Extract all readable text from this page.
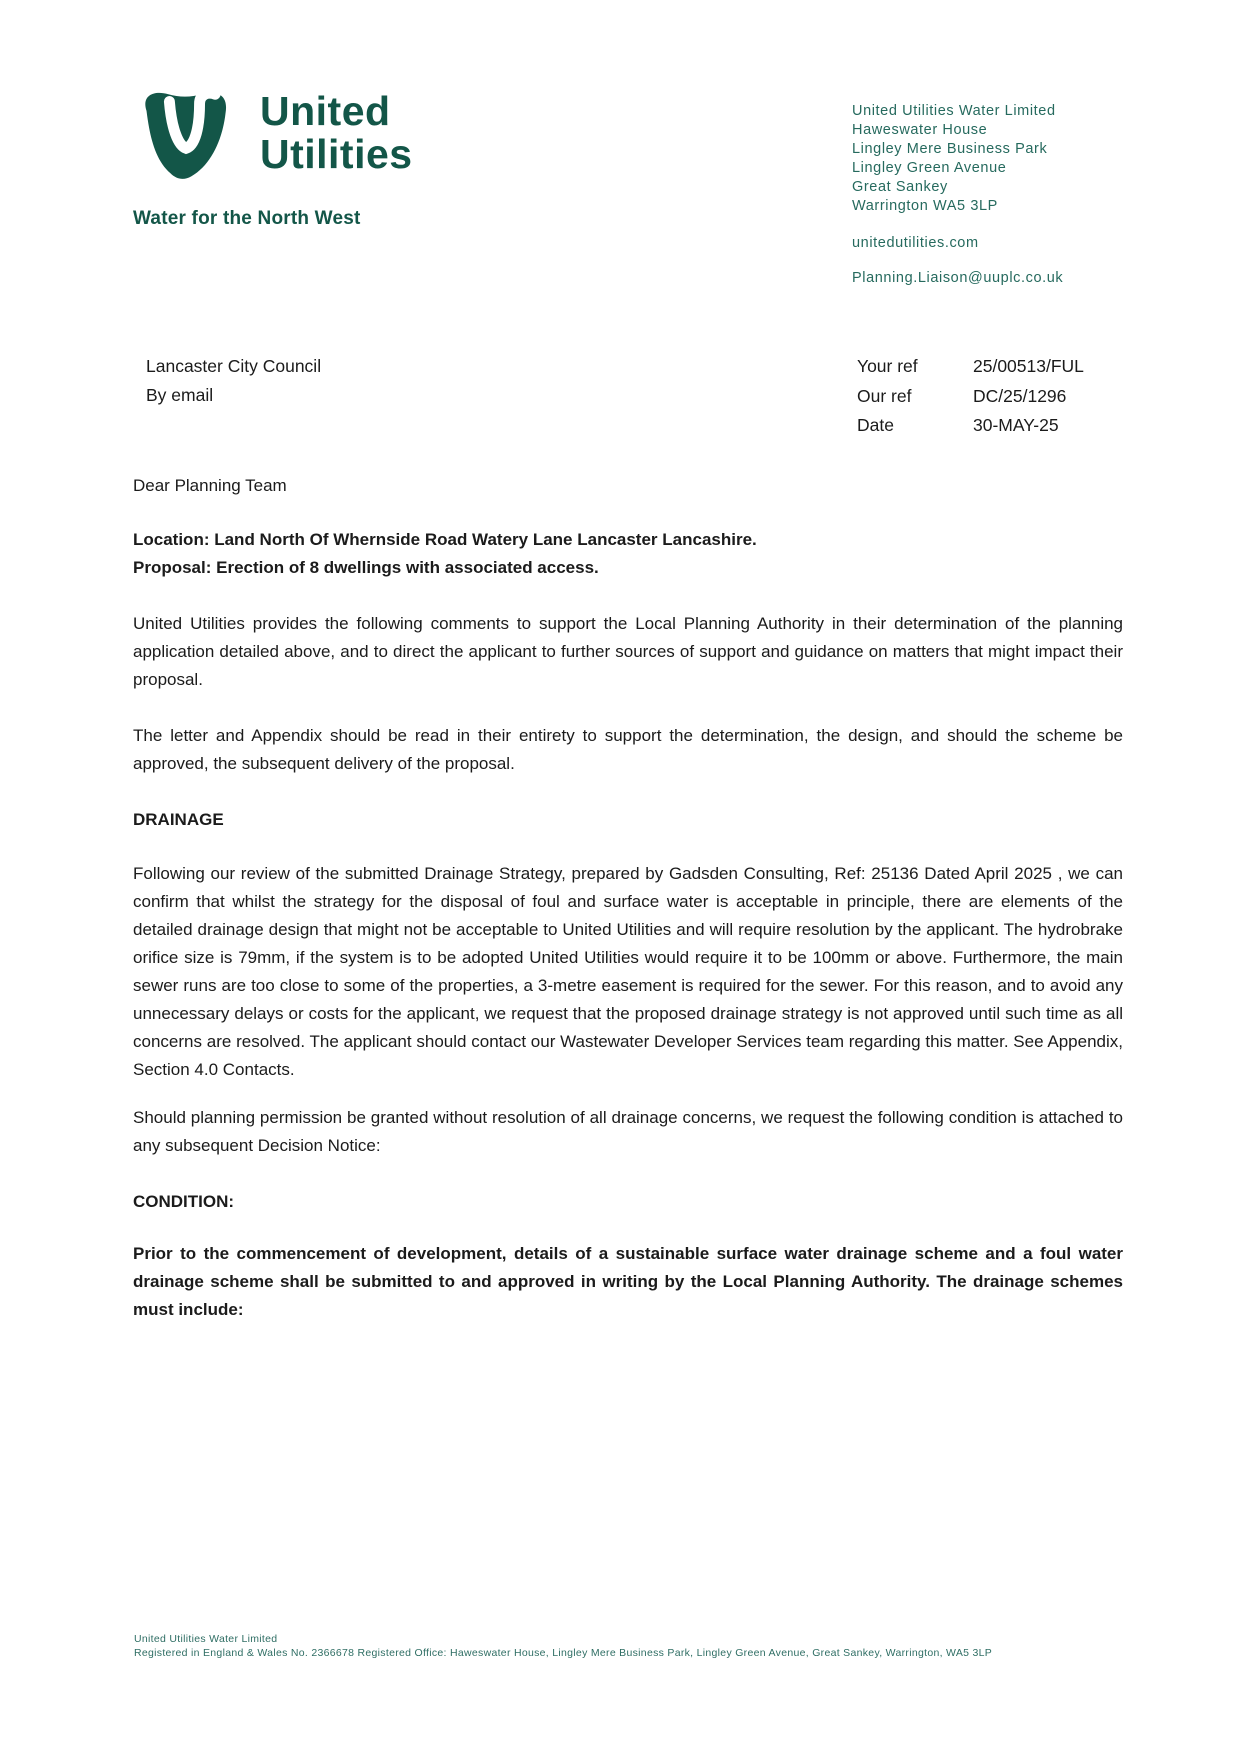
United
Utilities
Water for the North West
United Utilities Water Limited
Haweswater House
Lingley Mere Business Park
Lingley Green Avenue
Great Sankey
Warrington WA5 3LP
unitedutilities.com
Planning.Liaison@uuplc.co.uk
Lancaster City Council
By email
Your ref	25/00513/FUL
Our ref	DC/25/1296
Date	30-MAY-25
Dear Planning Team
Location: Land North Of Whernside Road Watery Lane Lancaster Lancashire.
Proposal: Erection of 8 dwellings with associated access.

United Utilities provides the following comments to support the Local Planning Authority in their determination of the planning application detailed above, and to direct the applicant to further sources of support and guidance on matters that might impact their proposal.

The letter and Appendix should be read in their entirety to support the determination, the design, and should the scheme be approved, the subsequent delivery of the proposal.

DRAINAGE

Following our review of the submitted Drainage Strategy, prepared by Gadsden Consulting, Ref: 25136 Dated April 2025 , we can confirm that whilst the strategy for the disposal of foul and surface water is acceptable in principle, there are elements of the detailed drainage design that might not be acceptable to United Utilities and will require resolution by the applicant. The hydrobrake orifice size is 79mm, if the system is to be adopted United Utilities would require it to be 100mm or above. Furthermore, the main sewer runs are too close to some of the properties, a 3-metre easement is required for the sewer. For this reason, and to avoid any unnecessary delays or costs for the applicant, we request that the proposed drainage strategy is not approved until such time as all concerns are resolved. The applicant should contact our Wastewater Developer Services team regarding this matter. See Appendix, Section 4.0 Contacts.

Should planning permission be granted without resolution of all drainage concerns, we request the following condition is attached to any subsequent Decision Notice:

CONDITION:

Prior to the commencement of development, details of a sustainable surface water drainage scheme and a foul water drainage scheme shall be submitted to and approved in writing by the Local Planning Authority. The drainage schemes must include:

United Utilities Water Limited
Registered in England & Wales No. 2366678 Registered Office: Haweswater House, Lingley Mere Business Park, Lingley Green Avenue, Great Sankey, Warrington, WA5 3LP
